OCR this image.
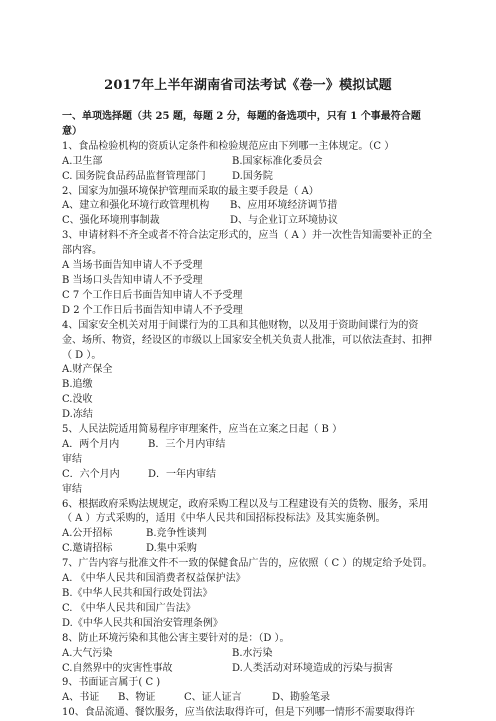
2017年上半年湖南省司法考试《卷一》模拟试题

一、单项选择题（共 25 题，每题 2 分，每题的备选项中，只有 1 个事最符合题意）

1、食品检验机构的资质认定条件和检验规范应由下列哪一主体规定。（C ）

A.卫生部	B.国家标准化委员会
C. 国务院食品药品监督管理部门	D.国务院

2、国家为加强环境保护管理而采取的最主要手段是（ A）

A、建立和强化环境行政管理机构	B、应用环境经济调节措
C、强化环境刑事制裁	D、与企业订立环境协议

3、申请材料不齐全或者不符合法定形式的，应当（ A ）并一次性告知需要补正的全部内容。

A 当场书面告知申请人不予受理

B 当场口头告知申请人不予受理

C 7 个工作日后书面告知申请人不予受理

D 2 个工作日后书面告知申请人不予受理

4、国家安全机关对用于间谍行为的工具和其他财物，以及用于资助间谍行为的资金、场所、物资，经设区的市级以上国家安全机关负责人批准，可以依法查封、扣押（ D ）。

A.财产保全

B.追缴

C.没收

D.冻结

5、人民法院适用简易程序审理案件，应当在立案之日起（ B ）

A．两个月内审结
B．三个月内审结
C．六个月内审结
D．一年内审结

6、根据政府采购法规规定，政府采购工程以及与工程建设有关的货物、服务，采用（ A ）方式采购的，适用《中华人民共和国招标投标法》及其实施条例。

A.公开招标	B.竞争性谈判
C.邀请招标	D.集中采购

7、广告内容与批准文件不一致的保健食品广告的，应依照（ C ）的规定给予处罚。

A. 《中华人民共和国消费者权益保护法》

B.《中华人民共和国行政处罚法》

C. 《中华人民共和国广告法》

D.《中华人民共和国治安管理条例》

8、防止环境污染和其他公害主要针对的是：（D ）。

A.大气污染	B.水污染
C.自然界中的灾害性事故	D.人类活动对环境造成的污染与损害

9、书面证言属于( C )

A、书证	B、物证	C、证人证言	D、勘验笔录

10、食品流通、餐饮服务，应当依法取得许可，但是下列哪一情形不需要取得许
